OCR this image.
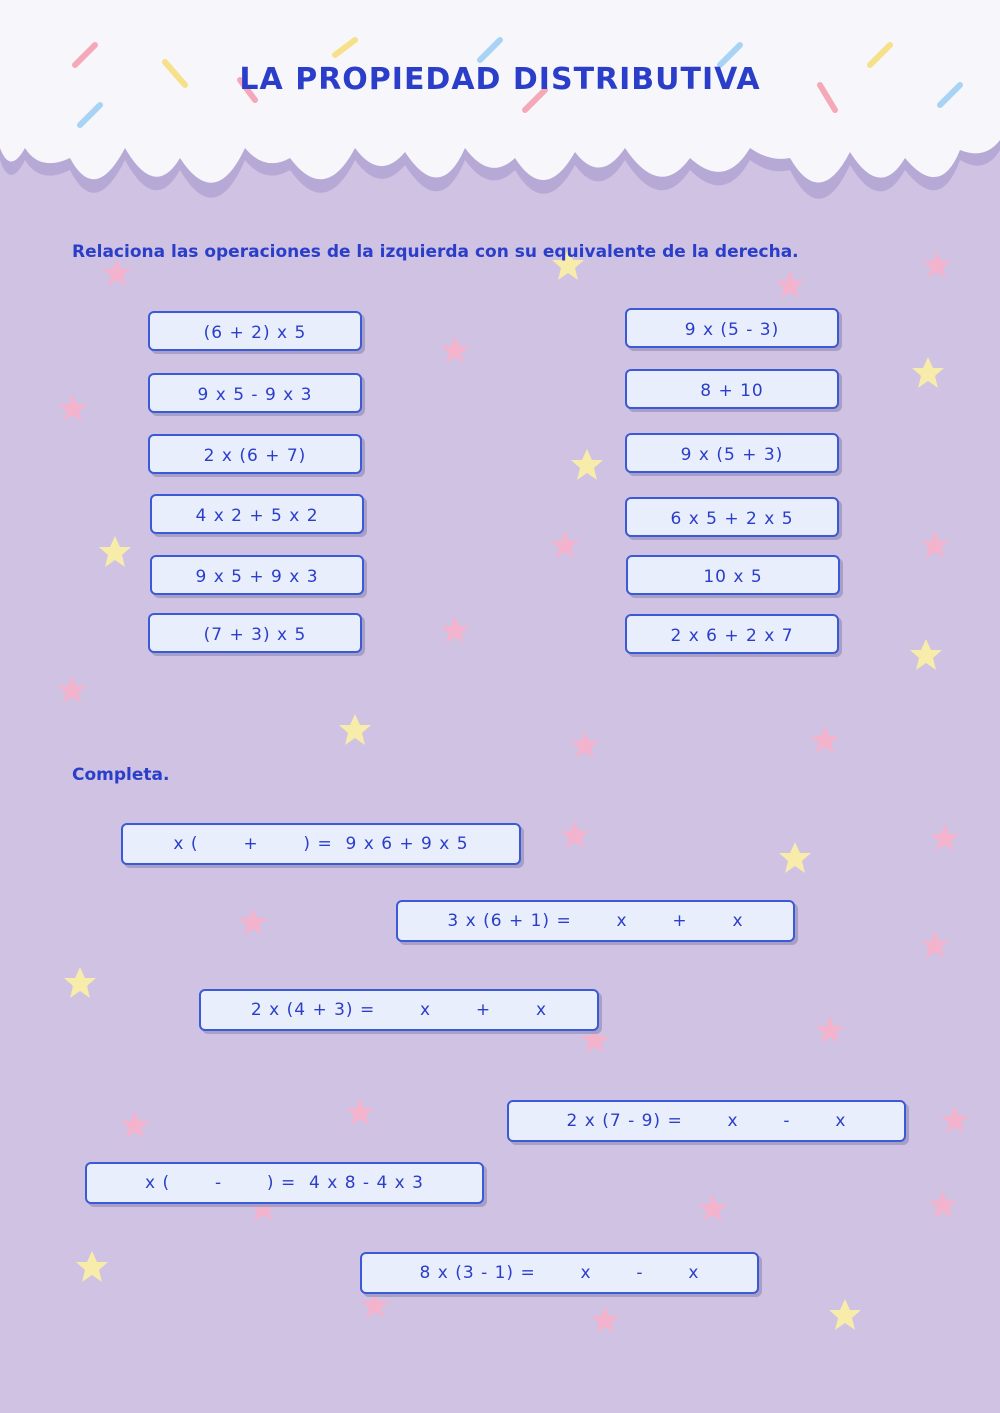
LA PROPIEDAD DISTRIBUTIVA
Relaciona las operaciones de la izquierda con su equivalente de la derecha.
(6 + 2) x 5
9 x 5 - 9 x 3
2 x (6 + 7)
4 x 2 + 5 x 2
9 x 5 + 9 x 3
(7 + 3) x 5
9 x (5 - 3)
8 + 10
9 x (5 + 3)
6 x 5 + 2 x 5
10 x 5
2 x 6 + 2 x 7
Completa.
x (       +       ) =  9 x 6 + 9 x 5
3 x (6 + 1) =       x       +       x
2 x (4 + 3) =       x       +       x
2 x (7 - 9) =       x       -       x
x (       -       ) =  4 x 8 - 4 x 3
8 x (3 - 1) =       x       -       x
